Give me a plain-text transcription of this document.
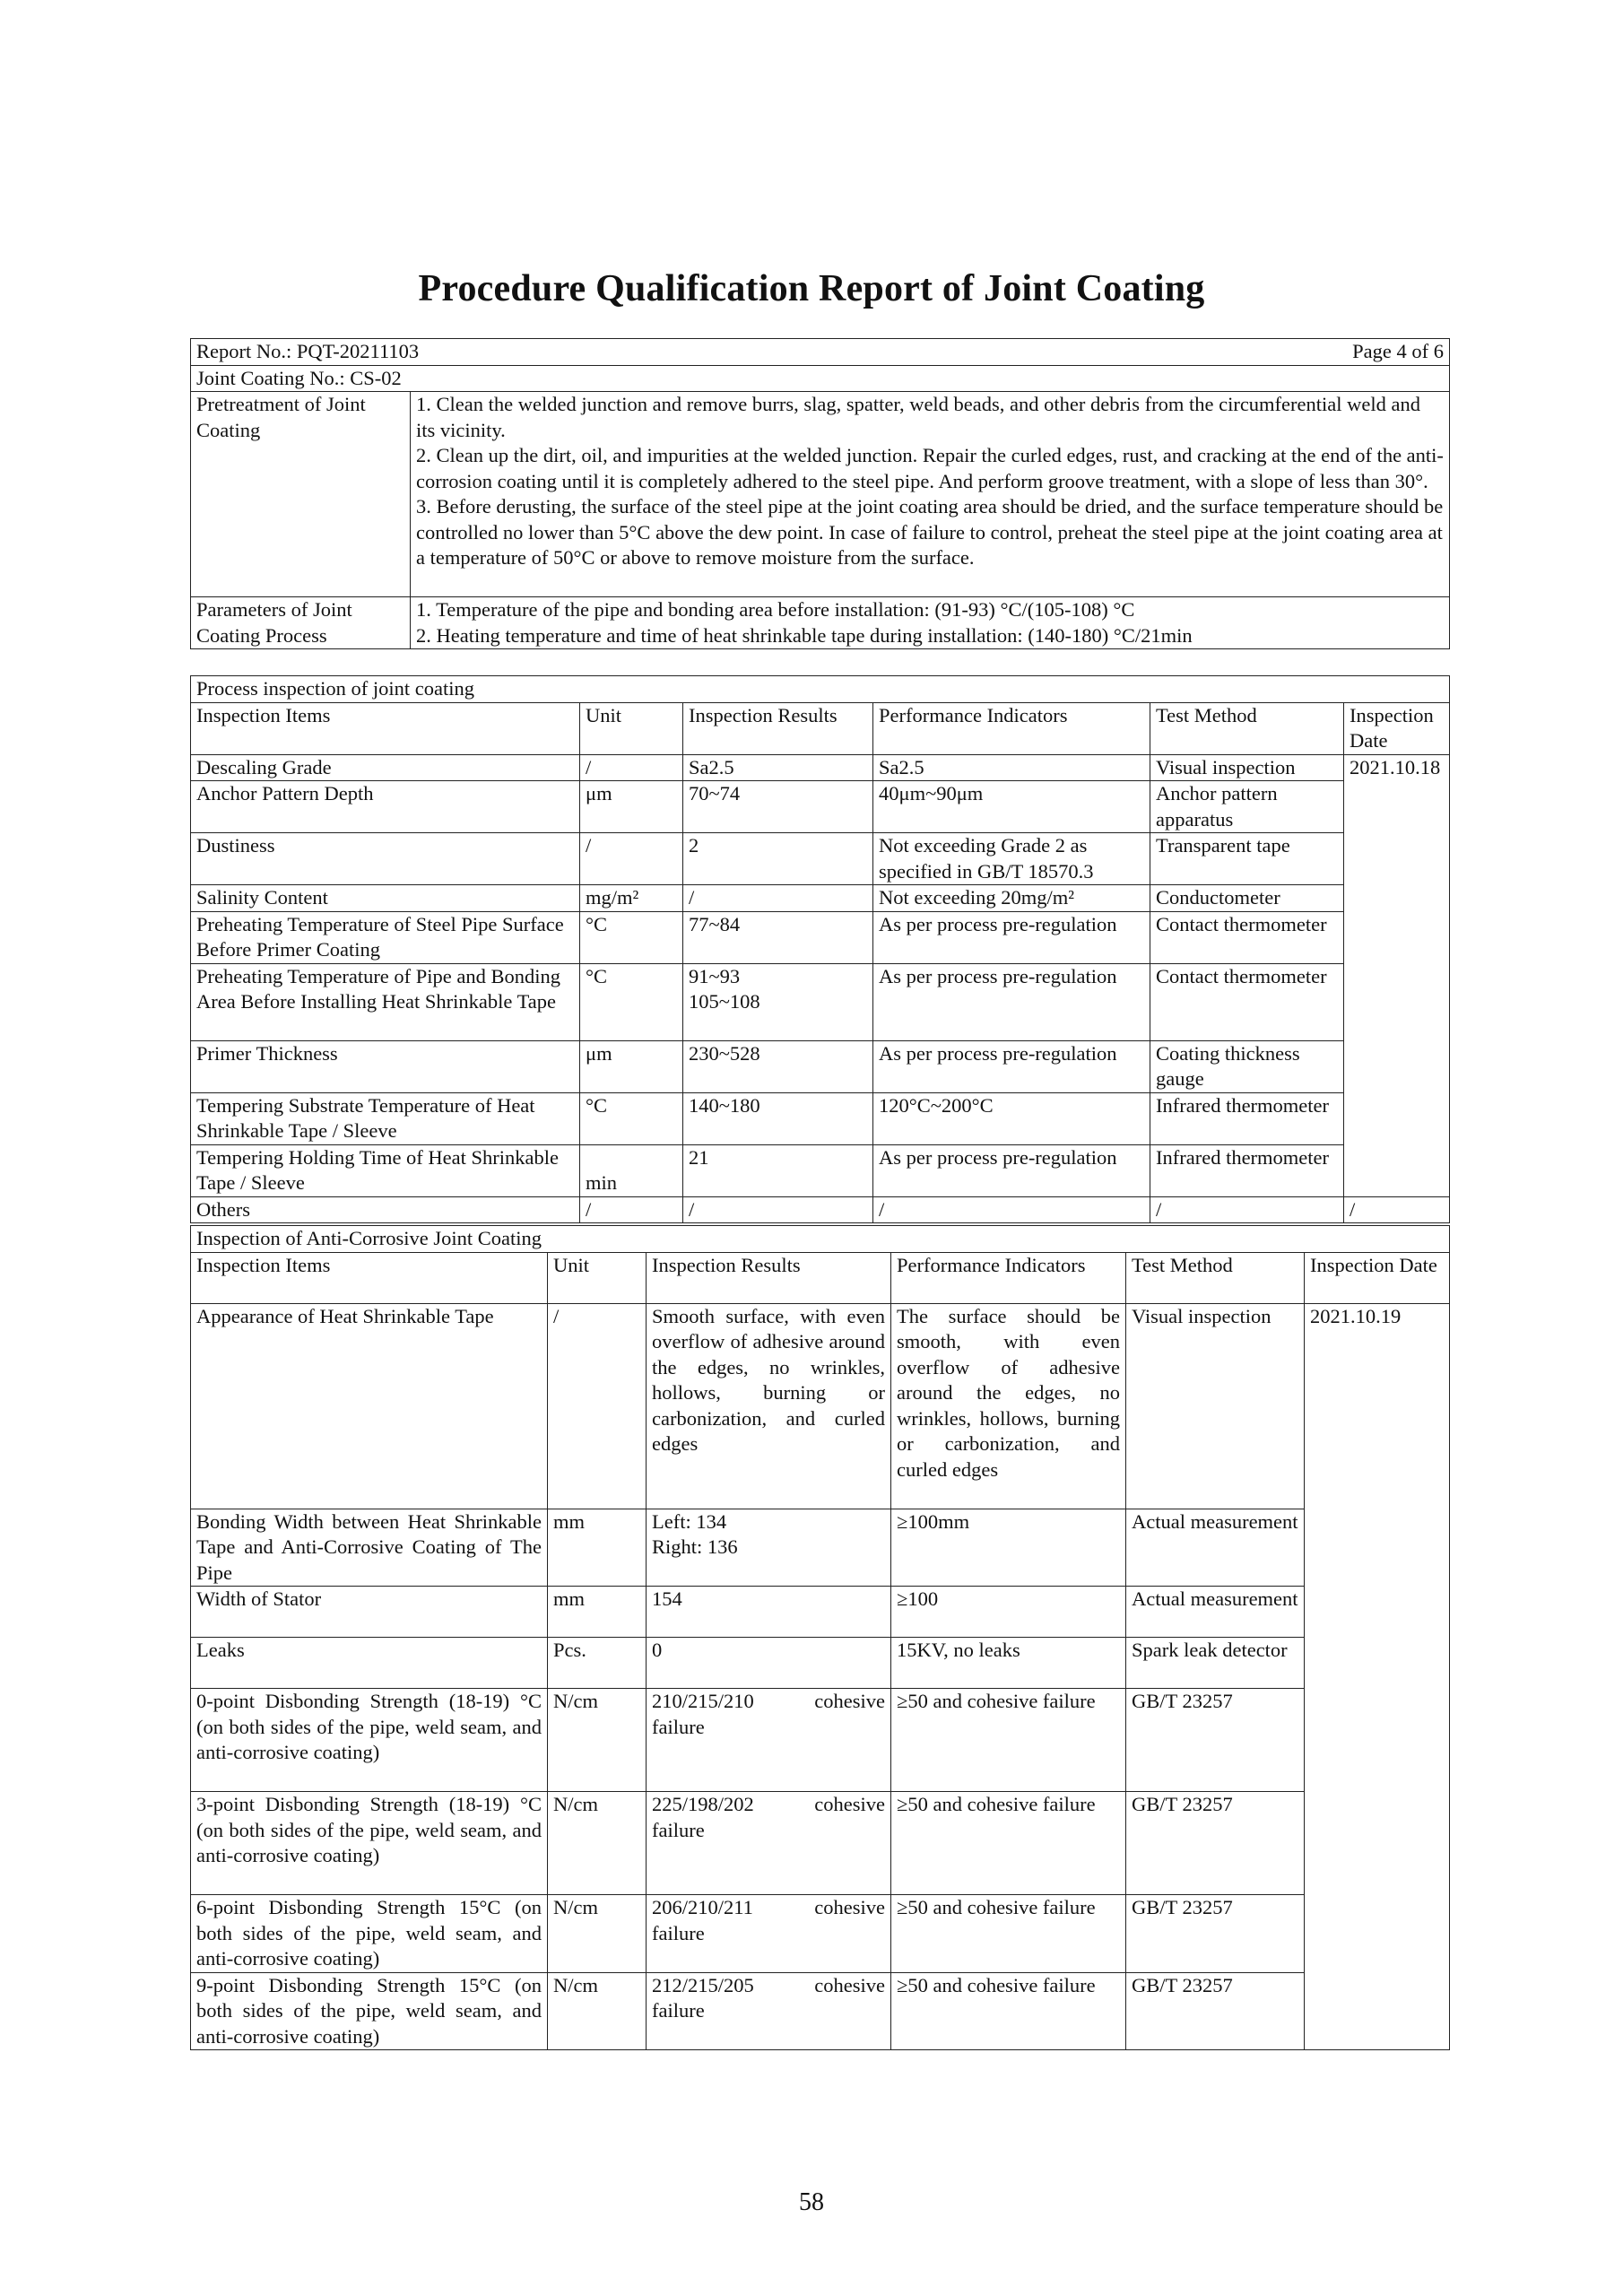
Procedure Qualification Report of Joint Coating
Report No.: PQT-20211103 Page 4 of 6	

Joint Coating No.: CS-02	
Pretreatment of Joint Coating	1. Clean the welded junction and remove burrs, slag, spatter, weld beads, and other debris from the circumferential weld and its vicinity.
2. Clean up the dirt, oil, and impurities at the welded junction. Repair the curled edges, rust, and cracking at the end of the anti-corrosion coating until it is completely adhered to the steel pipe. And perform groove treatment, with a slope of less than 30°.
3. Before derusting, the surface of the steel pipe at the joint coating area should be dried, and the surface temperature should be controlled no lower than 5°C above the dew point. In case of failure to control, preheat the steel pipe at the joint coating area at a temperature of 50°C or above to remove moisture from the surface.

Parameters of Joint Coating Process	1. Temperature of the pipe and bonding area before installation: (91-93) °C/(105-108) °C
2. Heating temperature and time of heat shrinkable tape during installation: (140-180) °C/21min
Process inspection of joint coating					
Inspection Items	Unit	Inspection Results	Performance Indicators	Test Method	Inspection Date
Descaling Grade	/	Sa2.5	Sa2.5	Visual inspection	2021.10.18
Anchor Pattern Depth	μm	70~74	40μm~90μm	Anchor pattern apparatus	
Dustiness	/	2	Not exceeding Grade 2 as specified in GB/T 18570.3	Transparent tape	
Salinity Content	mg/m²	/	Not exceeding 20mg/m²	Conductometer	
Preheating Temperature of Steel Pipe Surface Before Primer Coating	°C	77~84	As per process pre-regulation	Contact thermometer	
Preheating Temperature of Pipe and Bonding Area Before Installing Heat Shrinkable Tape	°C	91~93
105~108	As per process pre-regulation	Contact thermometer	
Primer Thickness	μm	230~528	As per process pre-regulation	Coating thickness gauge	
Tempering Substrate Temperature of Heat Shrinkable Tape / Sleeve	°C	140~180	120°C~200°C	Infrared thermometer	
Tempering Holding Time of Heat Shrinkable Tape / Sleeve	min	21	As per process pre-regulation	Infrared thermometer	
Others	/	/	/	/	/
Inspection of Anti-Corrosive Joint Coating					
Inspection Items	Unit	Inspection Results	Performance Indicators	Test Method	Inspection Date
Appearance of Heat Shrinkable Tape	/	Smooth surface, with even overflow of adhesive around the edges, no wrinkles, hollows, burning or carbonization, and curled edges	The surface should be smooth, with even overflow of adhesive around the edges, no wrinkles, hollows, burning or carbonization, and curled edges	Visual inspection	2021.10.19
Bonding Width between Heat Shrinkable Tape and Anti-Corrosive Coating of The Pipe	mm	Left: 134
Right: 136	≥100mm	Actual measurement	
Width of Stator	mm	154	≥100	Actual measurement	
Leaks	Pcs.	0	15KV, no leaks	Spark leak detector	
0-point Disbonding Strength (18-19) °C (on both sides of the pipe, weld seam, and anti-corrosive coating)	N/cm	210/215/210 cohesive failure	≥50 and cohesive failure	GB/T 23257	
3-point Disbonding Strength (18-19) °C (on both sides of the pipe, weld seam, and anti-corrosive coating)	N/cm	225/198/202 cohesive failure	≥50 and cohesive failure	GB/T 23257	
6-point Disbonding Strength 15°C (on both sides of the pipe, weld seam, and anti-corrosive coating)	N/cm	206/210/211 cohesive failure	≥50 and cohesive failure	GB/T 23257	
9-point Disbonding Strength 15°C (on both sides of the pipe, weld seam, and anti-corrosive coating)	N/cm	212/215/205 cohesive failure	≥50 and cohesive failure	GB/T 23257	
58
